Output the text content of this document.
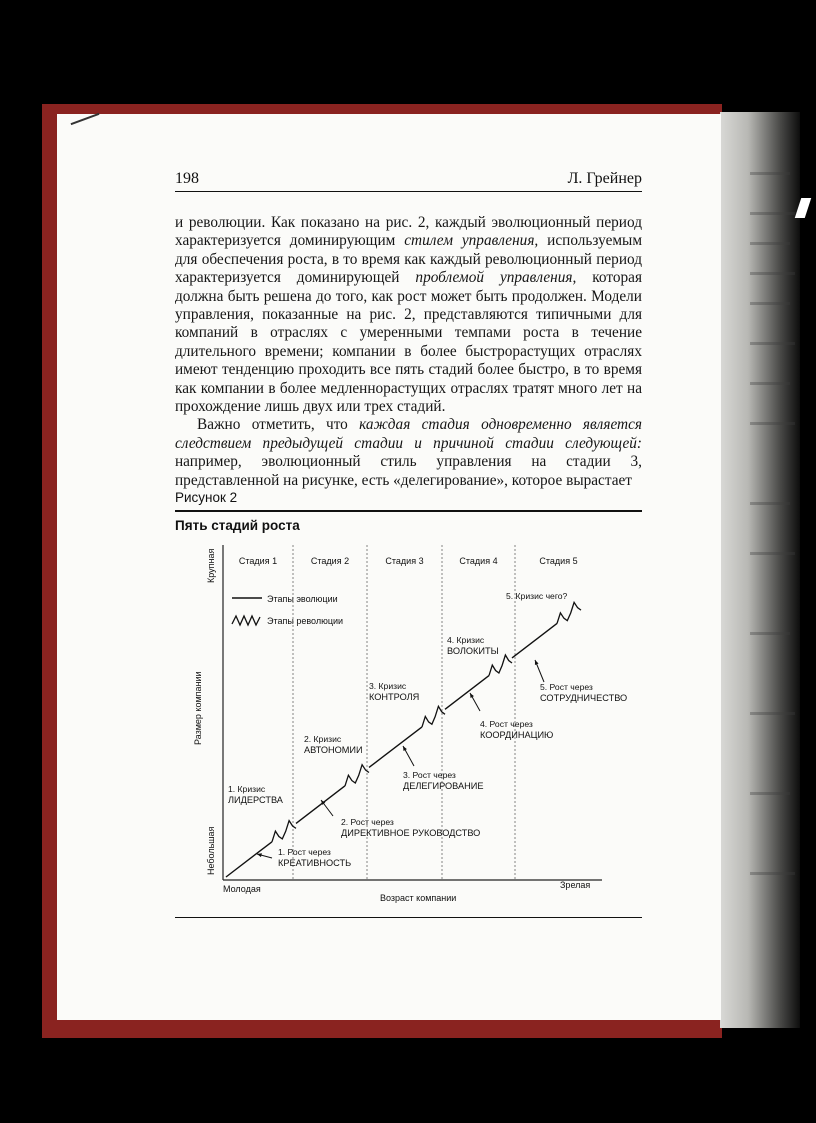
198	Л. Грейнер

и революции. Как показано на рис. 2, каждый эволюционный период характеризуется доминирующим стилем управления, используемым для обеспечения роста, в то время как каждый революционный период характеризуется доминирующей проблемой управления, которая должна быть решена до того, как рост может быть продолжен. Модели управления, показанные на рис. 2, представляются типичными для компаний в отраслях с умеренными темпами роста в течение длительного времени; компании в более быстрорастущих отраслях имеют тенденцию проходить все пять стадий более быстро, в то время как компании в более медленнорастущих отраслях тратят много лет на прохождение лишь двух или трех стадий.

Важно отметить, что каждая стадия одновременно является следствием предыдущей стадии и причиной стадии следующей: например, эволюционный стиль управления на стадии 3, представленной на рисунке, есть «делегирование», которое вырастает

Рисунок 2
Пять стадий роста
Стадия 1	Стадия 2	Стадия 3	Стадия 4	Стадия 5
1. Кризис
ЛИДЕРСТВА
2. Кризис
АВТОНОМИИ
3. Кризис
КОНТРОЛЯ
4. Кризис
ВОЛОКИТЫ
5. Кризис чего?
1. Рост через
КРЕАТИВНОСТЬ
2. Рост через
ДИРЕКТИВНОЕ РУКОВОДСТВО
3. Рост через
ДЕЛЕГИРОВАНИЕ
4. Рост через
КООРДИНАЦИЮ
5. Рост через
СОТРУДНИЧЕСТВО
Этапы эволюции
Этапы революции
Крупная
Размер компании
Небольшая
Молодая
Возраст компании
Зрелая
